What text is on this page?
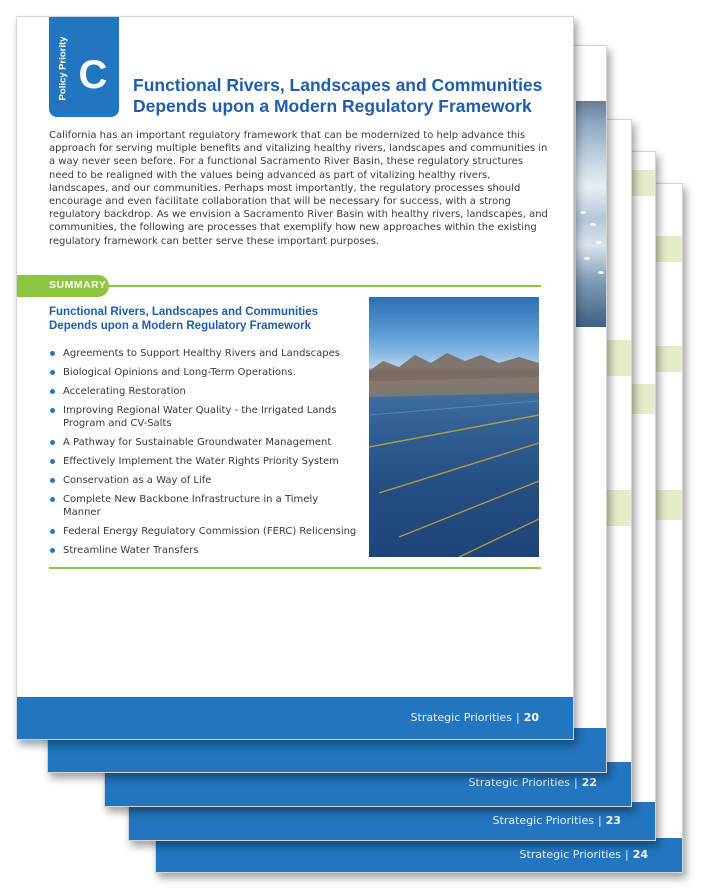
Strategic Priorities | 24
Strategic Priorities | 23
Strategic Priorities | 22
Policy Priority C	Functional Rivers, Landscapes and Communities Depends upon a Modern Regulatory Framework

California has an important regulatory framework that can be modernized to help advance this approach for serving multiple benefits and vitalizing healthy rivers, landscapes and communities in a way never seen before. For a functional Sacramento River Basin, these regulatory structures need to be realigned with the values being advanced as part of vitalizing healthy rivers, landscapes, and our communities. Perhaps most importantly, the regulatory processes should encourage and even facilitate collaboration that will be necessary for success, with a strong regulatory backdrop. As we envision a Sacramento River Basin with healthy rivers, landscapes, and communities, the following are processes that exemplify how new approaches within the existing regulatory framework can better serve these important purposes.

SUMMARY
Functional Rivers, Landscapes and Communities Depends upon a Modern Regulatory Framework
Agreements to Support Healthy Rivers and Landscapes
Biological Opinions and Long-Term Operations.
Accelerating Restoration
Improving Regional Water Quality - the Irrigated Lands Program and CV-Salts
A Pathway for Sustainable Groundwater Management
Effectively Implement the Water Rights Priority System
Conservation as a Way of Life
Complete New Backbone Infrastructure in a Timely Manner
Federal Energy Regulatory Commission (FERC) Relicensing
Streamline Water Transfers
Strategic Priorities | 20
